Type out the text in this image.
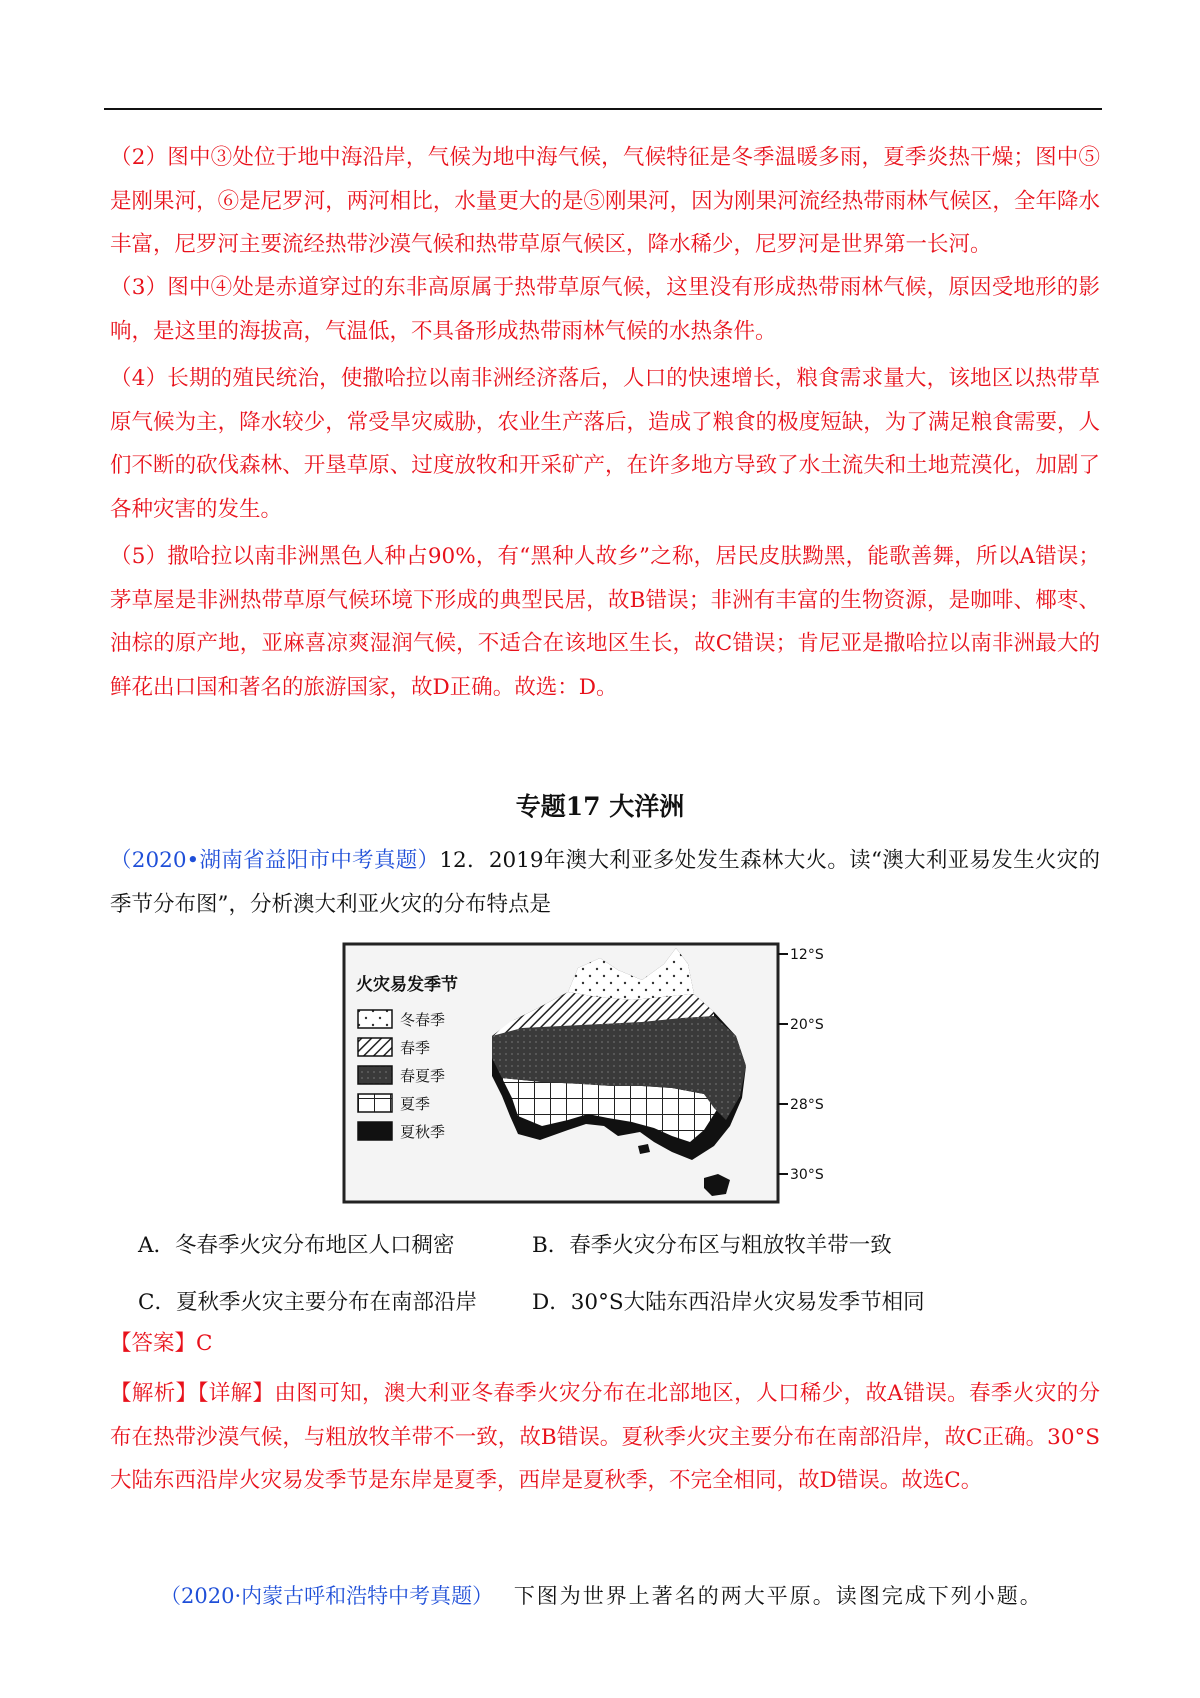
（2）图中③处位于地中海沿岸，气候为地中海气候，气候特征是冬季温暖多雨，夏季炎热干燥；图中⑤是刚果河，⑥是尼罗河，两河相比，水量更大的是⑤刚果河，因为刚果河流经热带雨林气候区，全年降水丰富，尼罗河主要流经热带沙漠气候和热带草原气候区，降水稀少，尼罗河是世界第一长河。

（3）图中④处是赤道穿过的东非高原属于热带草原气候，这里没有形成热带雨林气候，原因受地形的影响，是这里的海拔高，气温低，不具备形成热带雨林气候的水热条件。

（4）长期的殖民统治，使撒哈拉以南非洲经济落后，人口的快速增长，粮食需求量大，该地区以热带草原气候为主，降水较少，常受旱灾威胁，农业生产落后，造成了粮食的极度短缺，为了满足粮食需要，人们不断的砍伐森林、开垦草原、过度放牧和开采矿产，在许多地方导致了水土流失和土地荒漠化，加剧了各种灾害的发生。

（5）撒哈拉以南非洲黑色人种占90%，有“黑种人故乡”之称，居民皮肤黝黑，能歌善舞，所以A错误；茅草屋是非洲热带草原气候环境下形成的典型民居，故B错误；非洲有丰富的生物资源，是咖啡、椰枣、油棕的原产地，亚麻喜凉爽湿润气候，不适合在该地区生长，故C错误；肯尼亚是撒哈拉以南非洲最大的鲜花出口国和著名的旅游国家，故D正确。故选：D。

专题17 大洋洲

（2020•湖南省益阳市中考真题）12．2019年澳大利亚多处发生森林大火。读“澳大利亚易发生火灾的季节分布图”，分析澳大利亚火灾的分布特点是

火灾易发季节
冬春季
春季
春夏季
夏季
夏秋季
12°S
20°S
28°S
30°S
A．冬春季火灾分布地区人口稠密	B．春季火灾分布区与粗放牧羊带一致
C．夏秋季火灾主要分布在南部沿岸	D．30°S大陆东西沿岸火灾易发季节相同

【答案】C

【解析】【详解】由图可知，澳大利亚冬春季火灾分布在北部地区，人口稀少，故A错误。春季火灾的分布在热带沙漠气候，与粗放牧羊带不一致，故B错误。夏秋季火灾主要分布在南部沿岸，故C正确。30°S大陆东西沿岸火灾易发季节是东岸是夏季，西岸是夏秋季，不完全相同，故D错误。故选C。

（2020·内蒙古呼和浩特中考真题） 下图为世界上著名的两大平原。读图完成下列小题。
